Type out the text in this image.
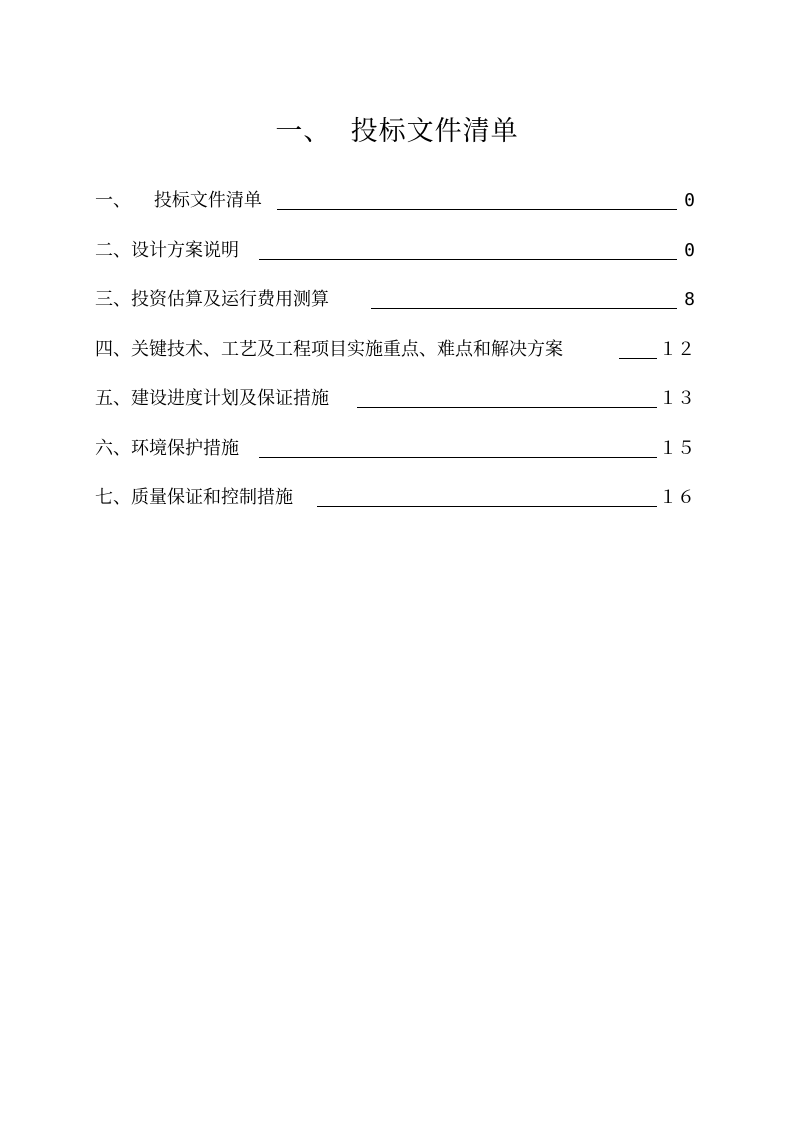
一、  投标文件清单
一、    投标文件清单	0
二、设计方案说明	0
三、投资估算及运行费用测算	8
四、关键技术、工艺及工程项目实施重点、难点和解决方案	１２
五、建设进度计划及保证措施	１３
六、环境保护措施	１５
七、质量保证和控制措施	１６
